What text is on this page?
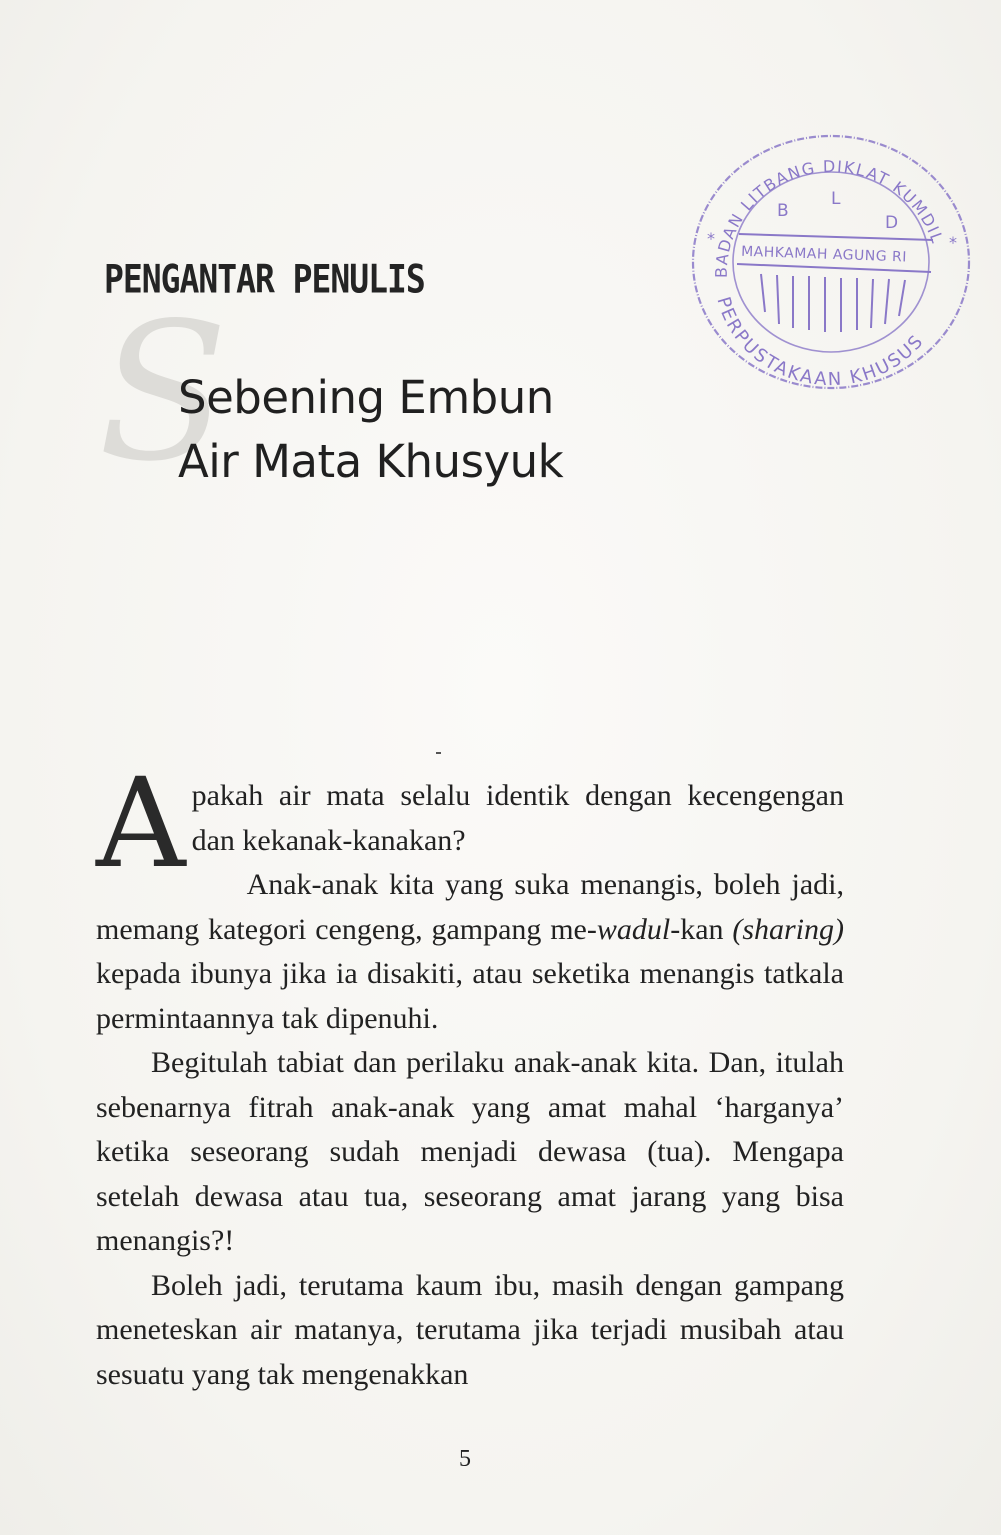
BADAN LITBANG DIKLAT KUMDIL
PERPUSTAKAAN KHUSUS
*	*
B
L
D
MAHKAMAH AGUNG RI
PENGANTAR PENULIS
S
Sebening Embun
Air Mata Khusyuk

Apakah air mata selalu identik dengan kecengengan dan kekanak-kanakan?

Anak-anak kita yang suka menangis, boleh jadi, memang kategori cengeng, gampang me-wadul-kan (sharing) kepada ibunya jika ia disakiti, atau seketika menangis tatkala permintaannya tak dipenuhi.

Begitulah tabiat dan perilaku anak-anak kita. Dan, itulah sebenarnya fitrah anak-anak yang amat mahal ‘harganya’ ketika seseorang sudah menjadi dewasa (tua). Mengapa setelah dewasa atau tua, seseorang amat jarang yang bisa menangis?!

Boleh jadi, terutama kaum ibu, masih dengan gampang meneteskan air matanya, terutama jika terjadi musibah atau sesuatu yang tak mengenakkan

5
